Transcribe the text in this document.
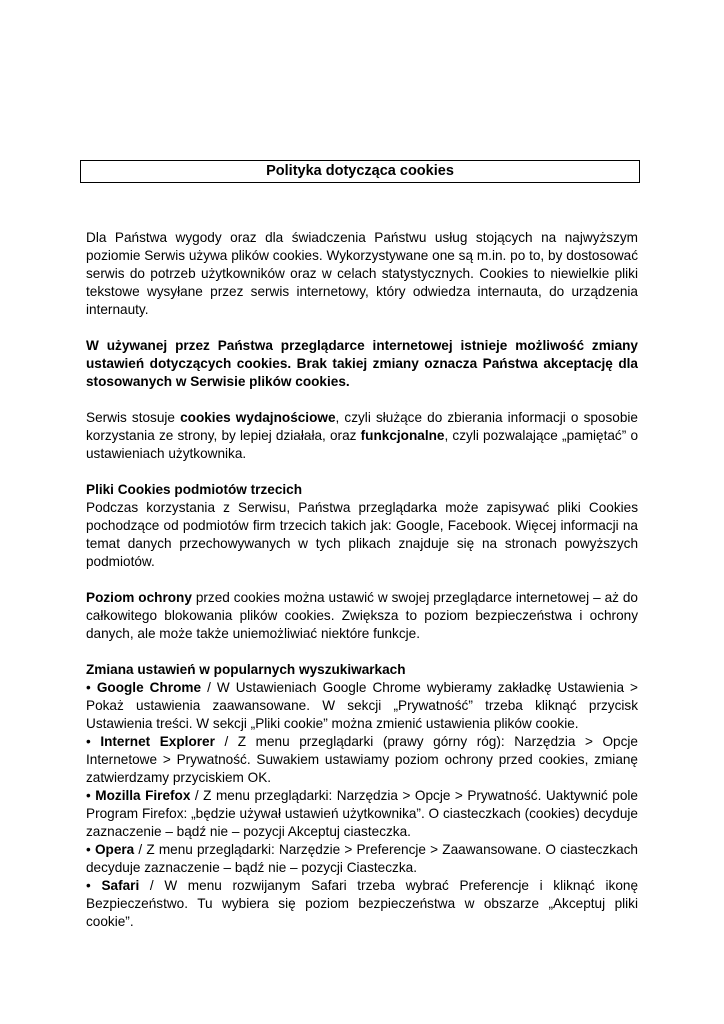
Polityka dotycząca cookies

Dla Państwa wygody oraz dla świadczenia Państwu usług stojących na najwyższym poziomie Serwis używa plików cookies. Wykorzystywane one są m.in. po to, by dostosować serwis do potrzeb użytkowników oraz w celach statystycznych. Cookies to niewielkie pliki tekstowe wysyłane przez serwis internetowy, który odwiedza internauta, do urządzenia internauty.

W używanej przez Państwa przeglądarce internetowej istnieje możliwość zmiany ustawień dotyczących cookies. Brak takiej zmiany oznacza Państwa akceptację dla stosowanych w Serwisie plików cookies.

Serwis stosuje cookies wydajnościowe, czyli służące do zbierania informacji o sposobie korzystania ze strony, by lepiej działała, oraz funkcjonalne, czyli pozwalające „pamiętać” o ustawieniach użytkownika.

Pliki Cookies podmiotów trzecich

Podczas korzystania z Serwisu, Państwa przeglądarka może zapisywać pliki Cookies pochodzące od podmiotów firm trzecich takich jak: Google, Facebook. Więcej informacji na temat danych przechowywanych w tych plikach znajduje się na stronach powyższych podmiotów.

Poziom ochrony przed cookies można ustawić w swojej przeglądarce internetowej – aż do całkowitego blokowania plików cookies. Zwiększa to poziom bezpieczeństwa i ochrony danych, ale może także uniemożliwiać niektóre funkcje.

Zmiana ustawień w popularnych wyszukiwarkach

• Google Chrome / W Ustawieniach Google Chrome wybieramy zakładkę Ustawienia > Pokaż ustawienia zaawansowane. W sekcji „Prywatność” trzeba kliknąć przycisk Ustawienia treści. W sekcji „Pliki cookie” można zmienić ustawienia plików cookie.

• Internet Explorer / Z menu przeglądarki (prawy górny róg): Narzędzia > Opcje Internetowe > Prywatność. Suwakiem ustawiamy poziom ochrony przed cookies, zmianę zatwierdzamy przyciskiem OK.

• Mozilla Firefox / Z menu przeglądarki: Narzędzia > Opcje > Prywatność. Uaktywnić pole Program Firefox: „będzie używał ustawień użytkownika”. O ciasteczkach (cookies) decyduje zaznaczenie – bądź nie – pozycji Akceptuj ciasteczka.

• Opera / Z menu przeglądarki: Narzędzie > Preferencje > Zaawansowane. O ciasteczkach decyduje zaznaczenie – bądź nie – pozycji Ciasteczka.

• Safari / W menu rozwijanym Safari trzeba wybrać Preferencje i kliknąć ikonę Bezpieczeństwo. Tu wybiera się poziom bezpieczeństwa w obszarze „Akceptuj pliki cookie”.
